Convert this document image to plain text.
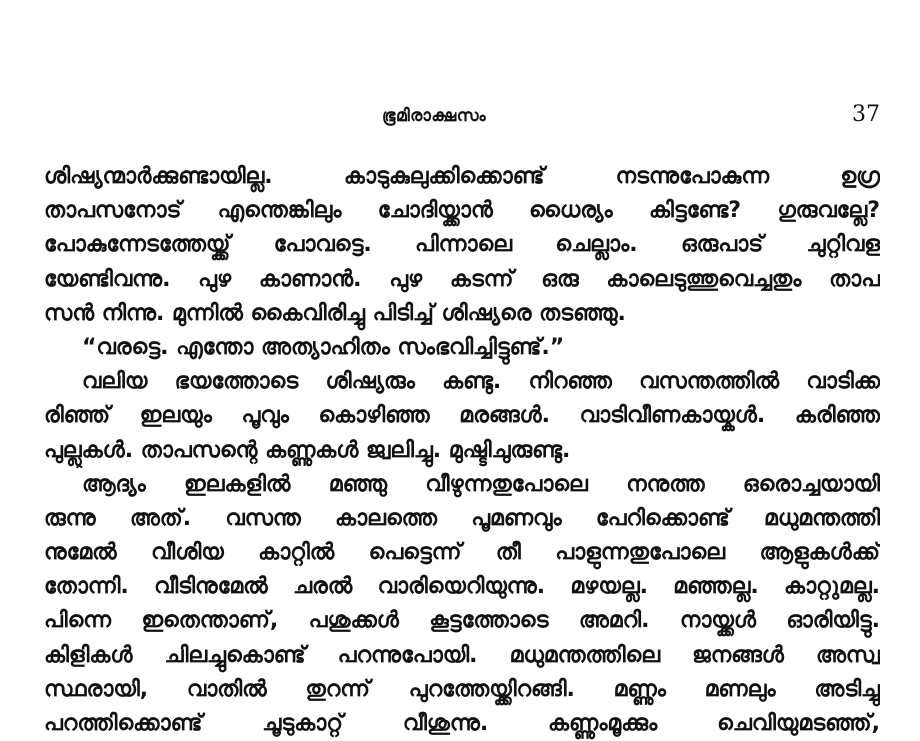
ഭൂമിരാക്ഷസം	37
ശിഷ്യന്മാർക്കുണ്ടായില്ല. കാടുകുലുക്കിക്കൊണ്ട് നടന്നുപോകുന്ന ഉഗ്ര
താപസനോട് എന്തെങ്കിലും ചോദിയ്ക്കാൻ ധൈര്യം കിട്ടണ്ടേ? ഗുരുവല്ലേ?
പോകുന്നേടത്തേയ്ക്ക് പോവട്ടെ. പിന്നാലെ ചെല്ലാം. ഒരുപാട് ചുറ്റിവള
യേണ്ടിവന്നു. പുഴ കാണാൻ. പുഴ കടന്ന് ഒരു കാലെടുത്തുവെച്ചതും താപ
സൻ നിന്നു. മുന്നിൽ കൈവിരിച്ചു പിടിച്ച് ശിഷ്യരെ തടഞ്ഞു.
“വരട്ടെ. എന്തോ അത്യാഹിതം സംഭവിച്ചിട്ടുണ്ട്.”
വലിയ ഭയത്തോടെ ശിഷ്യരും കണ്ടു. നിറഞ്ഞ വസന്തത്തിൽ വാടിക്ക
രിഞ്ഞ് ഇലയും പൂവും കൊഴിഞ്ഞ മരങ്ങൾ. വാടിവീണകായ്കൾ. കരിഞ്ഞ
പുല്ലുകൾ. താപസന്റെ കണ്ണുകൾ ജ്വലിച്ചു. മുഷ്ടിചുരുണ്ടു.
ആദ്യം ഇലകളിൽ മഞ്ഞു വീഴുന്നതുപോലെ നനുത്ത ഒരൊച്ചയായി
രുന്നു അത്. വസന്ത കാലത്തെ പൂമണവും പേറിക്കൊണ്ട് മധുമന്തത്തി
നുമേൽ വീശിയ കാറ്റിൽ പെട്ടെന്ന് തീ പാളുന്നതുപോലെ ആളുകൾക്ക്
തോന്നി. വീടിനുമേൽ ചരൽ വാരിയെറിയുന്നു. മഴയല്ല. മഞ്ഞല്ല. കാറ്റുമല്ല.
പിന്നെ ഇതെന്താണ്, പശുക്കൾ കൂട്ടത്തോടെ അമറി. നായ്ക്കൾ ഓരിയിട്ടു.
കിളികൾ ചിലച്ചുകൊണ്ട് പറന്നുപോയി. മധുമന്തത്തിലെ ജനങ്ങൾ അസ്വ
സ്ഥരായി, വാതിൽ തുറന്ന് പുറത്തേയ്ക്കിറങ്ങി. മണ്ണും മണലും അടിച്ചു
പറത്തിക്കൊണ്ട് ചൂടുകാറ്റ് വീശുന്നു. കണ്ണുംമൂക്കും ചെവിയുമടഞ്ഞ്,
